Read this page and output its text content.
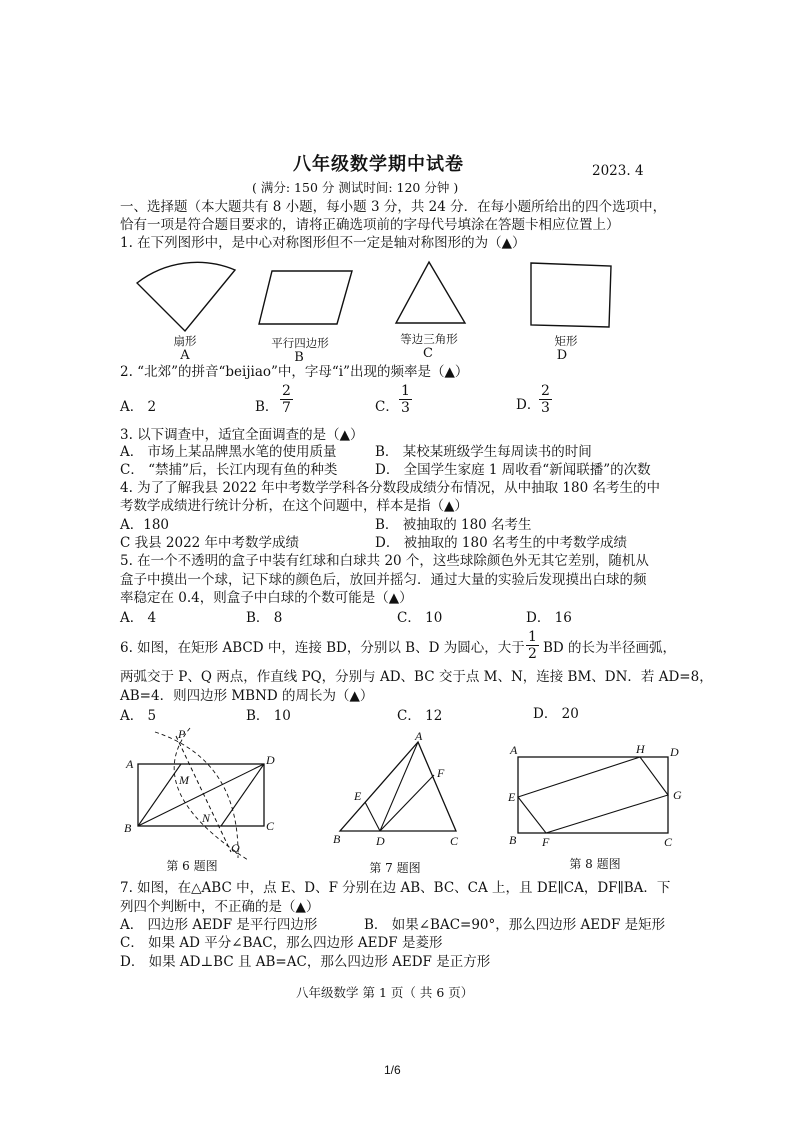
八年级数学期中试卷	2023. 4
( 满分: 150 分 测试时间: 120 分钟 )
一、选择题（本大题共有 8 小题，每小题 3 分，共 24 分．在每小题所给出的四个选项中，
恰有一项是符合题目要求的，请将正确选项前的字母代号填涂在答题卡相应位置上）
1. 在下列图形中，是中心对称图形但不一定是轴对称图形的为（▲）
扇形
A
平行四边形
B
等边三角形
C
矩形
D
2. “北郊”的拼音“beijiao”中，字母“i”出现的频率是（▲）
A． 2	B． $\frac{2}{7}$	C． $\frac{1}{3}$	D．
$\frac{2}{3}$
3. 以下调查中，适宜全面调查的是（▲）
A． 市场上某品牌黑水笔的使用质量	B． 某校某班级学生每周读书的时间
C． “禁捕”后，长江内现有鱼的种类	D． 全国学生家庭 1 周收看“新闻联播”的次数
4. 为了了解我县 2022 年中考数学学科各分数段成绩分布情况，从中抽取 180 名考生的中
考数学成绩进行统计分析，在这个问题中，样本是指（▲）
A．180	B． 被抽取的 180 名考生
C 我县 2022 年中考数学成绩	D． 被抽取的 180 名考生的中考数学成绩
5. 在一个不透明的盒子中装有红球和白球共 20 个，这些球除颜色外无其它差别，随机从
盒子中摸出一个球，记下球的颜色后，放回并摇匀．通过大量的实验后发现摸出白球的频
率稳定在 0.4，则盒子中白球的个数可能是（▲）
A． 4	B． 8	C． 10	D． 16
6. 如图，在矩形 ABCD 中，连接 BD，分别以 B、D 为圆心，大于 $\frac{1}{2}$ BD 的长为半径画弧，
两弧交于 P、Q 两点，作直线 PQ，分别与 AD、BC 交于点 M、N，连接 BM、DN．若 AD=8，
AB=4．则四边形 MBND 的周长为（▲）
A． 5	B． 10	C． 12	D． 20
P
A	D
M
B
N
C
Q
第 6 题图
A
E
F
B	D	C
第 7 题图
A	H D
E	G
B F	C
第 8 题图
7. 如图，在△ABC 中，点 E、D、F 分别在边 AB、BC、CA 上，且 DE∥CA，DF∥BA．下
列四个判断中，不正确的是（▲）
A． 四边形 AEDF 是平行四边形	B． 如果∠BAC=90°，那么四边形 AEDF 是矩形
C． 如果 AD 平分∠BAC，那么四边形 AEDF 是菱形
D． 如果 AD⊥BC 且 AB=AC，那么四边形 AEDF 是正方形
八年级数学 第 1 页（ 共 6 页）
1/6
